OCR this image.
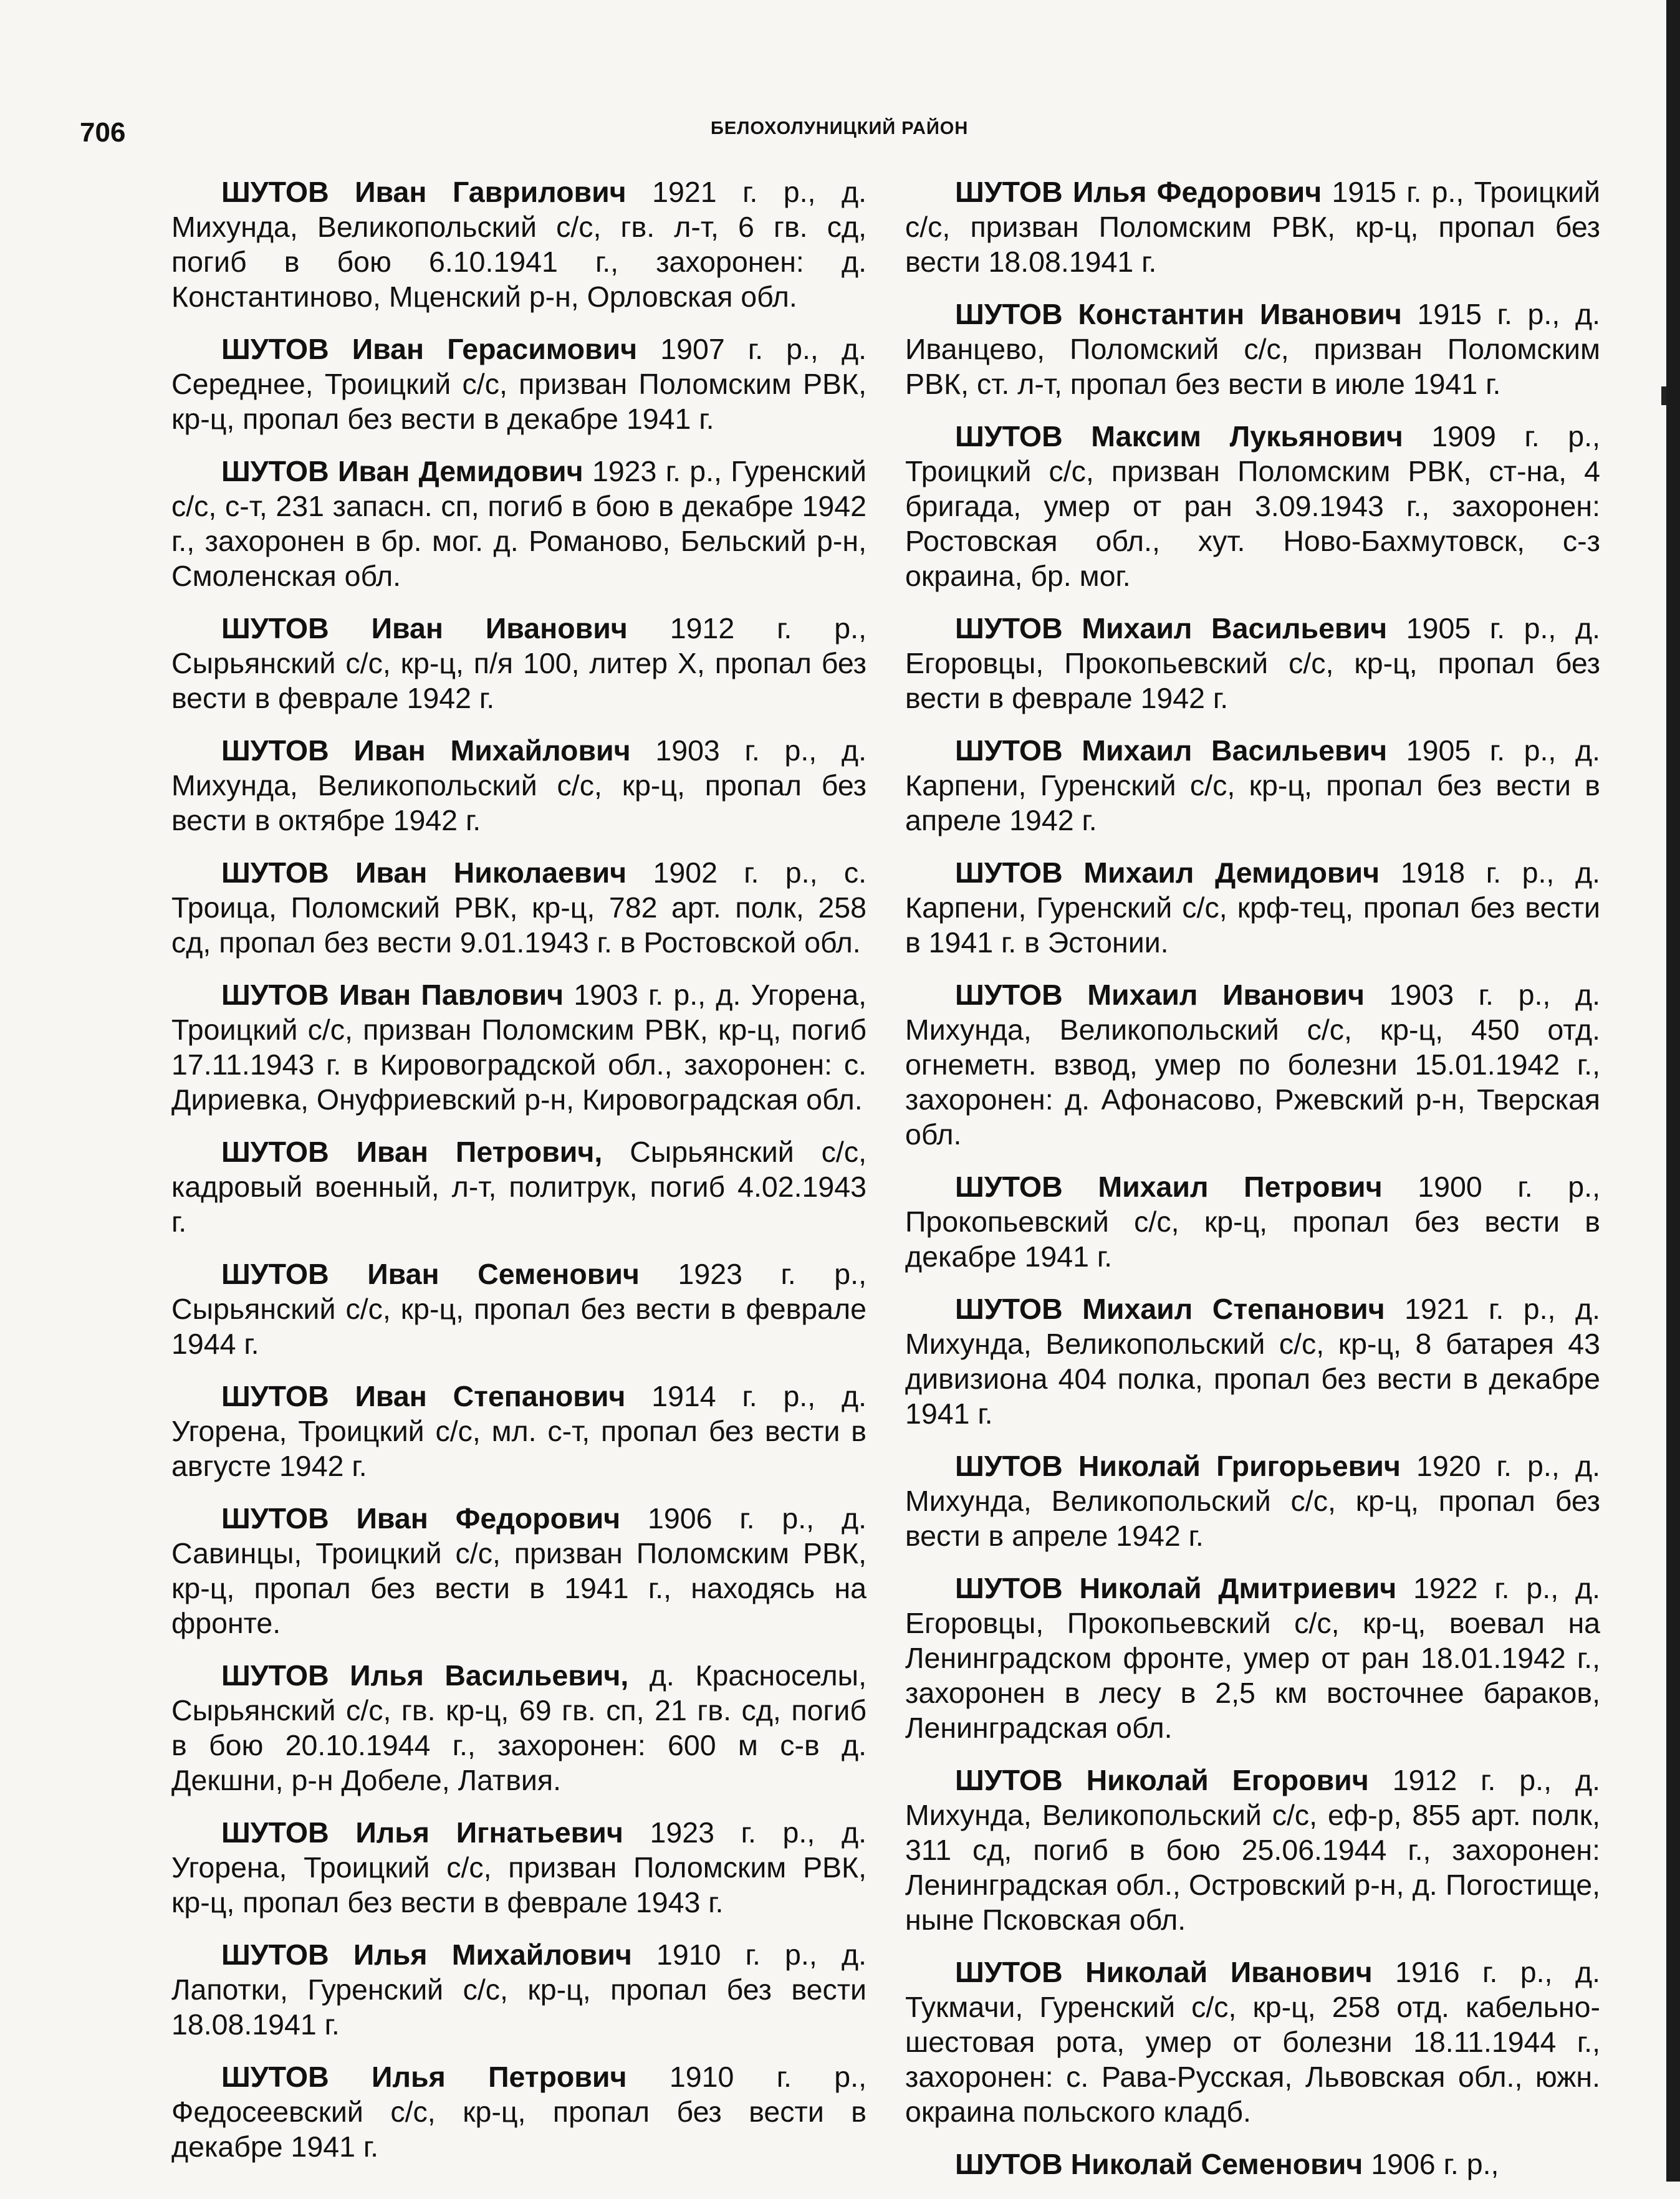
706	БЕЛОХОЛУНИЦКИЙ РАЙОН

ШУТОВ Иван Гаврилович 1921 г. р., д. Михунда, Великопольский с/с, гв. л-т, 6 гв. сд, погиб в бою 6.10.1941 г., захоронен: д. Константиново, Мценский р-н, Орловская обл.

ШУТОВ Иван Герасимович 1907 г. р., д. Середнее, Троицкий с/с, призван Поломским РВК, кр-ц, пропал без вести в декабре 1941 г.

ШУТОВ Иван Демидович 1923 г. р., Гуренский с/с, с-т, 231 запасн. сп, погиб в бою в декабре 1942 г., захоронен в бр. мог. д. Романово, Бельский р-н, Смоленская обл.

ШУТОВ Иван Иванович 1912 г. р., Сырьянский с/с, кр-ц, п/я 100, литер X, пропал без вести в феврале 1942 г.

ШУТОВ Иван Михайлович 1903 г. р., д. Михунда, Великопольский с/с, кр-ц, пропал без вести в октябре 1942 г.

ШУТОВ Иван Николаевич 1902 г. р., с. Троица, Поломский РВК, кр-ц, 782 арт. полк, 258 сд, пропал без вести 9.01.1943 г. в Ростовской обл.

ШУТОВ Иван Павлович 1903 г. р., д. Угорена, Троицкий с/с, призван Поломским РВК, кр-ц, погиб 17.11.1943 г. в Кировоградской обл., захоронен: с. Дириевка, Онуфриевский р-н, Кировоградская обл.

ШУТОВ Иван Петрович, Сырьянский с/с, кадровый военный, л-т, политрук, погиб 4.02.1943 г.

ШУТОВ Иван Семенович 1923 г. р., Сырьянский с/с, кр-ц, пропал без вести в феврале 1944 г.

ШУТОВ Иван Степанович 1914 г. р., д. Угорена, Троицкий с/с, мл. с-т, пропал без вести в августе 1942 г.

ШУТОВ Иван Федорович 1906 г. р., д. Савинцы, Троицкий с/с, призван Поломским РВК, кр-ц, пропал без вести в 1941 г., находясь на фронте.

ШУТОВ Илья Васильевич, д. Красноселы, Сырьянский с/с, гв. кр-ц, 69 гв. сп, 21 гв. сд, погиб в бою 20.10.1944 г., захоронен: 600 м с-в д. Декшни, р-н Добеле, Латвия.

ШУТОВ Илья Игнатьевич 1923 г. р., д. Угорена, Троицкий с/с, призван Поломским РВК, кр-ц, пропал без вести в феврале 1943 г.

ШУТОВ Илья Михайлович 1910 г. р., д. Лапотки, Гуренский с/с, кр-ц, пропал без вести 18.08.1941 г.

ШУТОВ Илья Петрович 1910 г. р., Федосеевский с/с, кр-ц, пропал без вести в декабре 1941 г.

ШУТОВ Илья Федорович 1915 г. р., Троицкий с/с, призван Поломским РВК, кр-ц, пропал без вести 18.08.1941 г.

ШУТОВ Константин Иванович 1915 г. р., д. Иванцево, Поломский с/с, призван Поломским РВК, ст. л-т, пропал без вести в июле 1941 г.

ШУТОВ Максим Лукьянович 1909 г. р., Троицкий с/с, призван Поломским РВК, ст-на, 4 бригада, умер от ран 3.09.1943 г., захоронен: Ростовская обл., хут. Ново-Бахмутовск, с-з окраина, бр. мог.

ШУТОВ Михаил Васильевич 1905 г. р., д. Егоровцы, Прокопьевский с/с, кр-ц, пропал без вести в феврале 1942 г.

ШУТОВ Михаил Васильевич 1905 г. р., д. Карпени, Гуренский с/с, кр-ц, пропал без вести в апреле 1942 г.

ШУТОВ Михаил Демидович 1918 г. р., д. Карпени, Гуренский с/с, крф-тец, пропал без вести в 1941 г. в Эстонии.

ШУТОВ Михаил Иванович 1903 г. р., д. Михунда, Великопольский с/с, кр-ц, 450 отд. огнеметн. взвод, умер по болезни 15.01.1942 г., захоронен: д. Афонасово, Ржевский р-н, Тверская обл.

ШУТОВ Михаил Петрович 1900 г. р., Прокопьевский с/с, кр-ц, пропал без вести в декабре 1941 г.

ШУТОВ Михаил Степанович 1921 г. р., д. Михунда, Великопольский с/с, кр-ц, 8 батарея 43 дивизиона 404 полка, пропал без вести в декабре 1941 г.

ШУТОВ Николай Григорьевич 1920 г. р., д. Михунда, Великопольский с/с, кр-ц, пропал без вести в апреле 1942 г.

ШУТОВ Николай Дмитриевич 1922 г. р., д. Егоровцы, Прокопьевский с/с, кр-ц, воевал на Ленинградском фронте, умер от ран 18.01.1942 г., захоронен в лесу в 2,5 км восточнее бараков, Ленинградская обл.

ШУТОВ Николай Егорович 1912 г. р., д. Михунда, Великопольский с/с, еф-р, 855 арт. полк, 311 сд, погиб в бою 25.06.1944 г., захоронен: Ленинградская обл., Островский р-н, д. Погостище, ныне Псковская обл.

ШУТОВ Николай Иванович 1916 г. р., д. Тукмачи, Гуренский с/с, кр-ц, 258 отд. кабельно-шестовая рота, умер от болезни 18.11.1944 г., захоронен: с. Рава-Русская, Львовская обл., южн. окраина польского кладб.

ШУТОВ Николай Семенович 1906 г. р.,
